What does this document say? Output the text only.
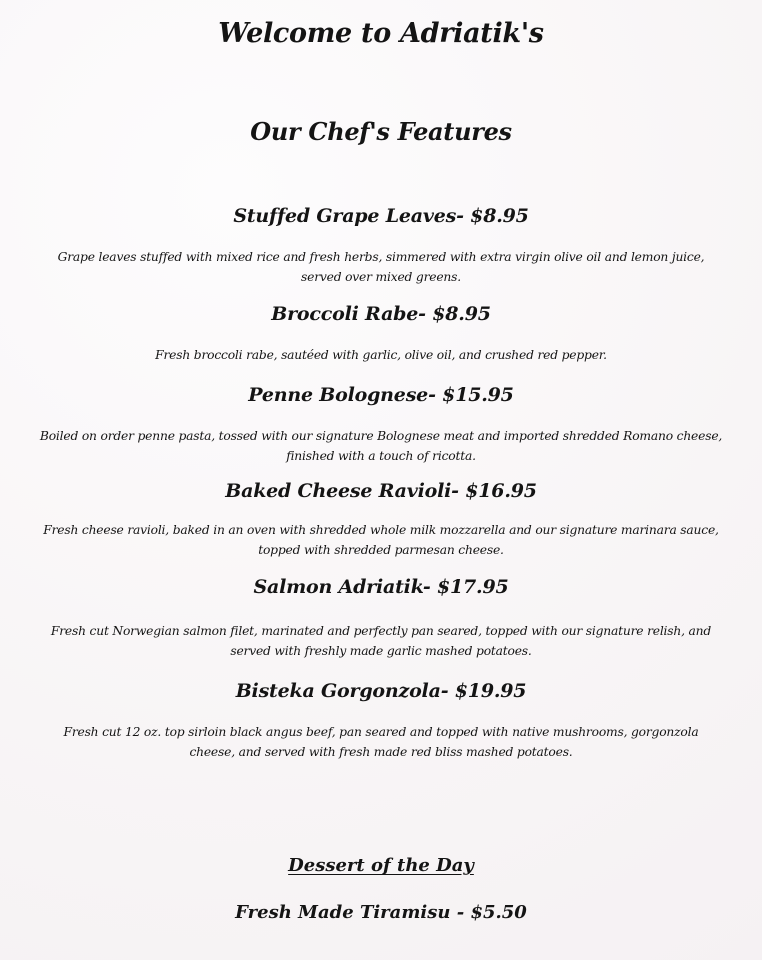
Welcome to Adriatik's
Our Chef's Features
Stuffed Grape Leaves- $8.95
Grape leaves stuffed with mixed rice and fresh herbs, simmered with extra virgin olive oil and lemon juice,
served over mixed greens.
Broccoli Rabe- $8.95
Fresh broccoli rabe, sautéed with garlic, olive oil, and crushed red pepper.
Penne Bolognese- $15.95
Boiled on order penne pasta, tossed with our signature Bolognese meat and imported shredded Romano cheese,
finished with a touch of ricotta.
Baked Cheese Ravioli- $16.95
Fresh cheese ravioli, baked in an oven with shredded whole milk mozzarella and our signature marinara sauce,
topped with shredded parmesan cheese.
Salmon Adriatik- $17.95
Fresh cut Norwegian salmon filet, marinated and perfectly pan seared, topped with our signature relish, and
served with freshly made garlic mashed potatoes.
Bisteka Gorgonzola- $19.95
Fresh cut 12 oz. top sirloin black angus beef, pan seared and topped with native mushrooms, gorgonzola
cheese, and served with fresh made red bliss mashed potatoes.
Dessert of the Day
Fresh Made Tiramisu - $5.50
